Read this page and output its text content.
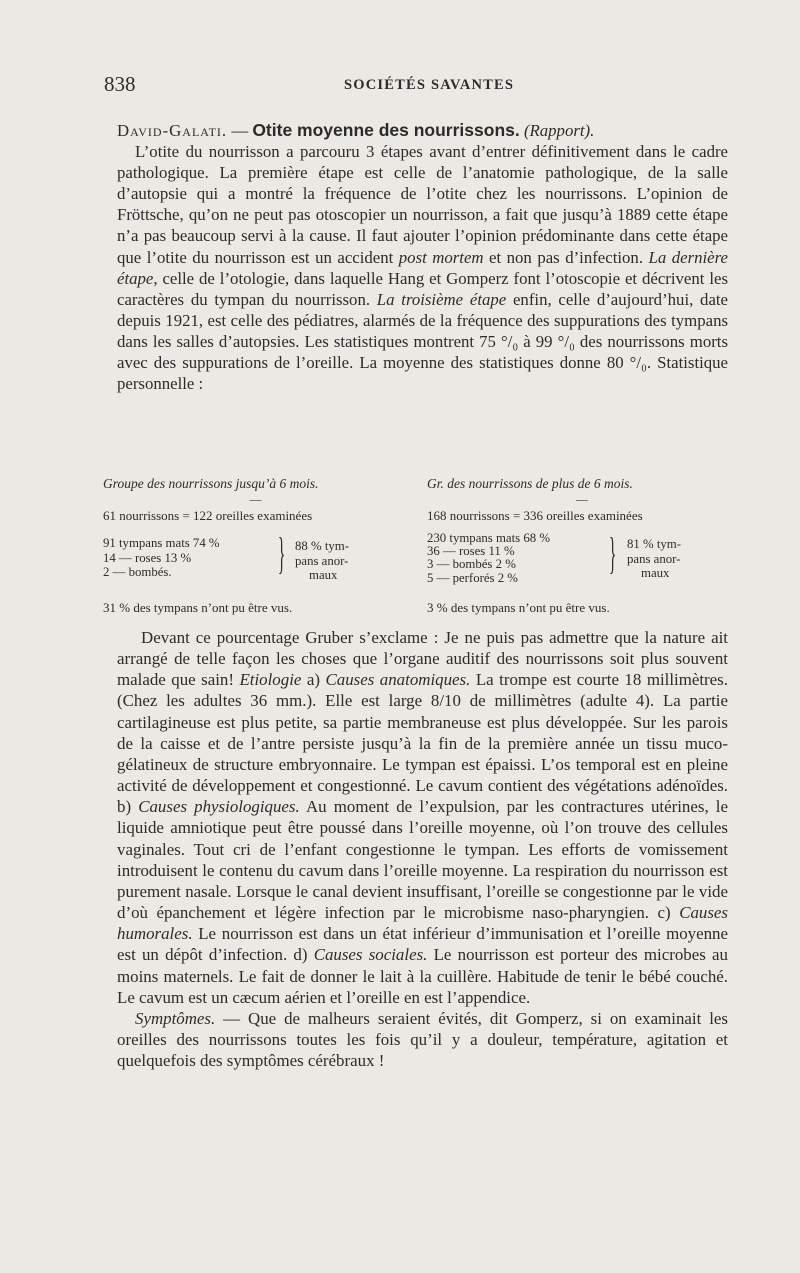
838	SOCIÉTÉS SAVANTES

David-Galati. — Otite moyenne des nourrissons. (Rapport).

L’otite du nourrisson a parcouru 3 étapes avant d’entrer définitivement dans le cadre pathologique. La première étape est celle de l’anatomie pathologique, de la salle d’autopsie qui a montré la fréquence de l’otite chez les nourrissons. L’opinion de Fröttsche, qu’on ne peut pas otoscopier un nourrisson, a fait que jusqu’à 1889 cette étape n’a pas beaucoup servi à la cause. Il faut ajouter l’opinion prédominante dans cette étape que l’otite du nourrisson est un accident post mortem et non pas d’infection. La dernière étape, celle de l’otologie, dans laquelle Hang et Gomperz font l’otoscopie et décrivent les caractères du tympan du nourrisson. La troisième étape enfin, celle d’aujourd’hui, date depuis 1921, est celle des pédiatres, alarmés de la fréquence des suppurations des tympans dans les salles d’autopsies. Les statistiques montrent 75 °/₀ à 99 °/₀ des nourrissons morts avec des suppurations de l’oreille. La moyenne des statistiques donne 80 °/₀. Statistique personnelle :

Groupe des nourrissons jusqu’à 6 mois.
—
61 nourrissons = 122 oreilles examinées
91 tympans mats 74 %
14 — roses 13 %
2 — bombés.	} 88 % tym-
pans anor-
maux
31 % des tympans n’ont pu être vus.
Gr. des nourrissons de plus de 6 mois.
—
168 nourrissons = 336 oreilles examinées
230 tympans mats 68 %
36 — roses 11 %
3 — bombés 2 %
5 — perforés 2 %	} 81 % tym-
pans anor-
maux
3 % des tympans n’ont pu être vus.

Devant ce pourcentage Gruber s’exclame : Je ne puis pas admettre que la nature ait arrangé de telle façon les choses que l’organe auditif des nourrissons soit plus souvent malade que sain! Etiologie a) Causes anatomiques. La trompe est courte 18 millimètres. (Chez les adultes 36 mm.). Elle est large 8/10 de millimètres (adulte 4). La partie cartilagineuse est plus petite, sa partie membraneuse est plus développée. Sur les parois de la caisse et de l’antre persiste jusqu’à la fin de la première année un tissu muco-gélatineux de structure embryonnaire. Le tympan est épaissi. L’os temporal est en pleine activité de développement et congestionné. Le cavum contient des végétations adénoïdes. b) Causes physiologiques. Au moment de l’expulsion, par les contractures utérines, le liquide amniotique peut être poussé dans l’oreille moyenne, où l’on trouve des cellules vaginales. Tout cri de l’enfant congestionne le tympan. Les efforts de vomissement introduisent le contenu du cavum dans l’oreille moyenne. La respiration du nourrisson est purement nasale. Lorsque le canal devient insuffisant, l’oreille se congestionne par le vide d’où épanchement et légère infection par le microbisme naso-pharyngien. c) Causes humorales. Le nourrisson est dans un état inférieur d’immunisation et l’oreille moyenne est un dépôt d’infection. d) Causes sociales. Le nourrisson est porteur des microbes au moins maternels. Le fait de donner le lait à la cuillère. Habitude de tenir le bébé couché. Le cavum est un cæcum aérien et l’oreille en est l’appendice.

Symptômes. — Que de malheurs seraient évités, dit Gomperz, si on examinait les oreilles des nourrissons toutes les fois qu’il y a douleur, température, agitation et quelquefois des symptômes cérébraux !
